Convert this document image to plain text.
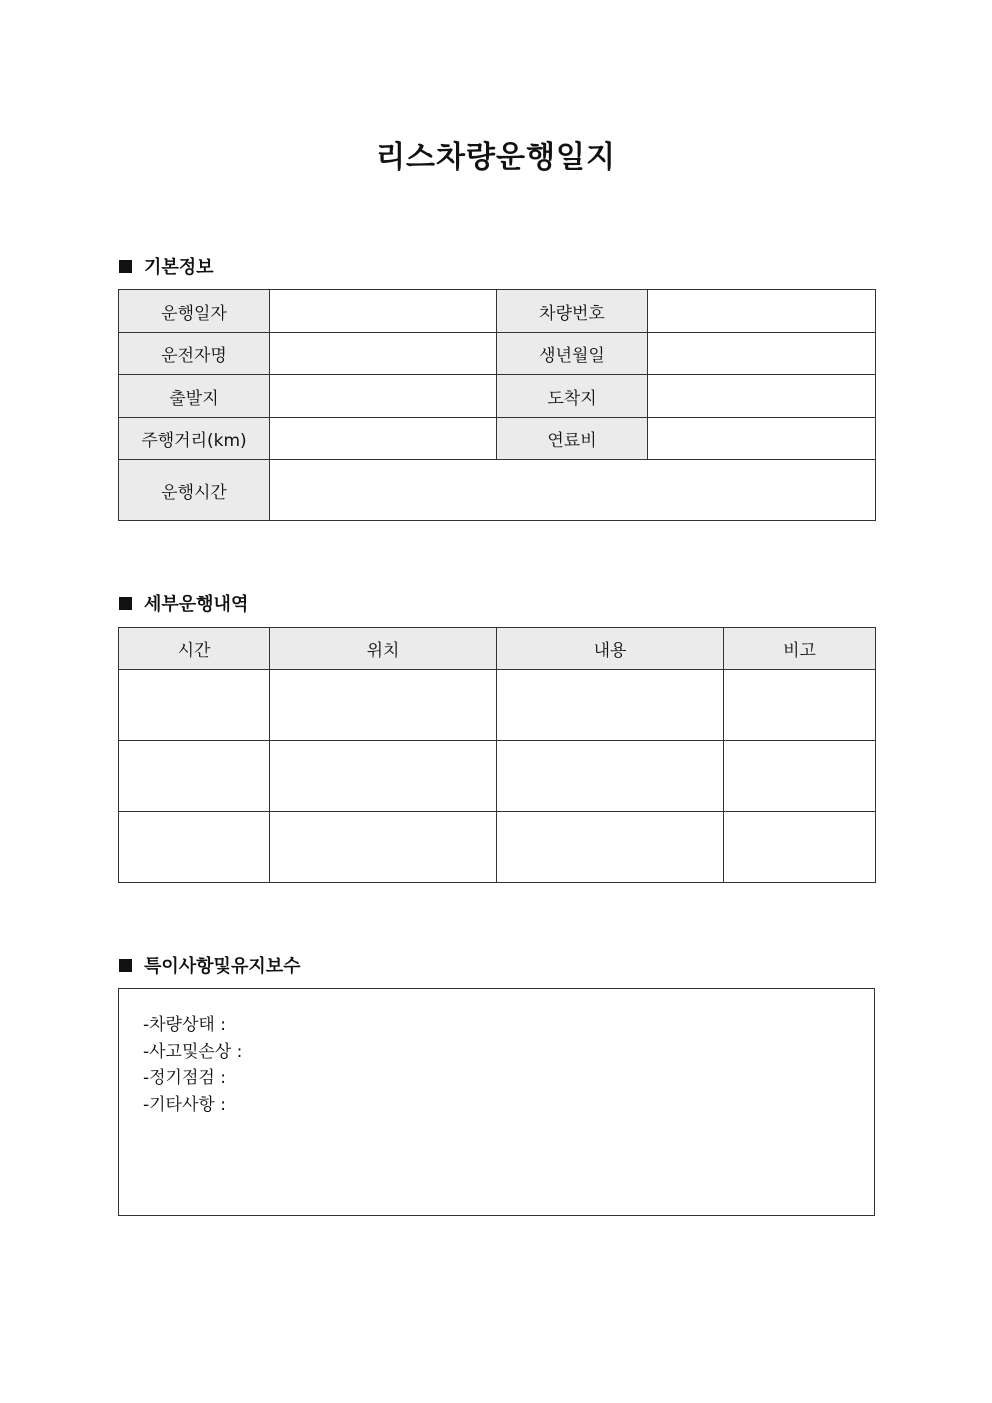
리스차량운행일지
기본정보
운행일자		차량번호	
운전자명		생년월일	
출발지		도착지	
주행거리(km)		연료비	
운행시간			
세부운행내역
시간	위치	내용	비고

특이사항및유지보수
-차량상태 :
-사고및손상 :
-정기점검 :
-기타사항 :
